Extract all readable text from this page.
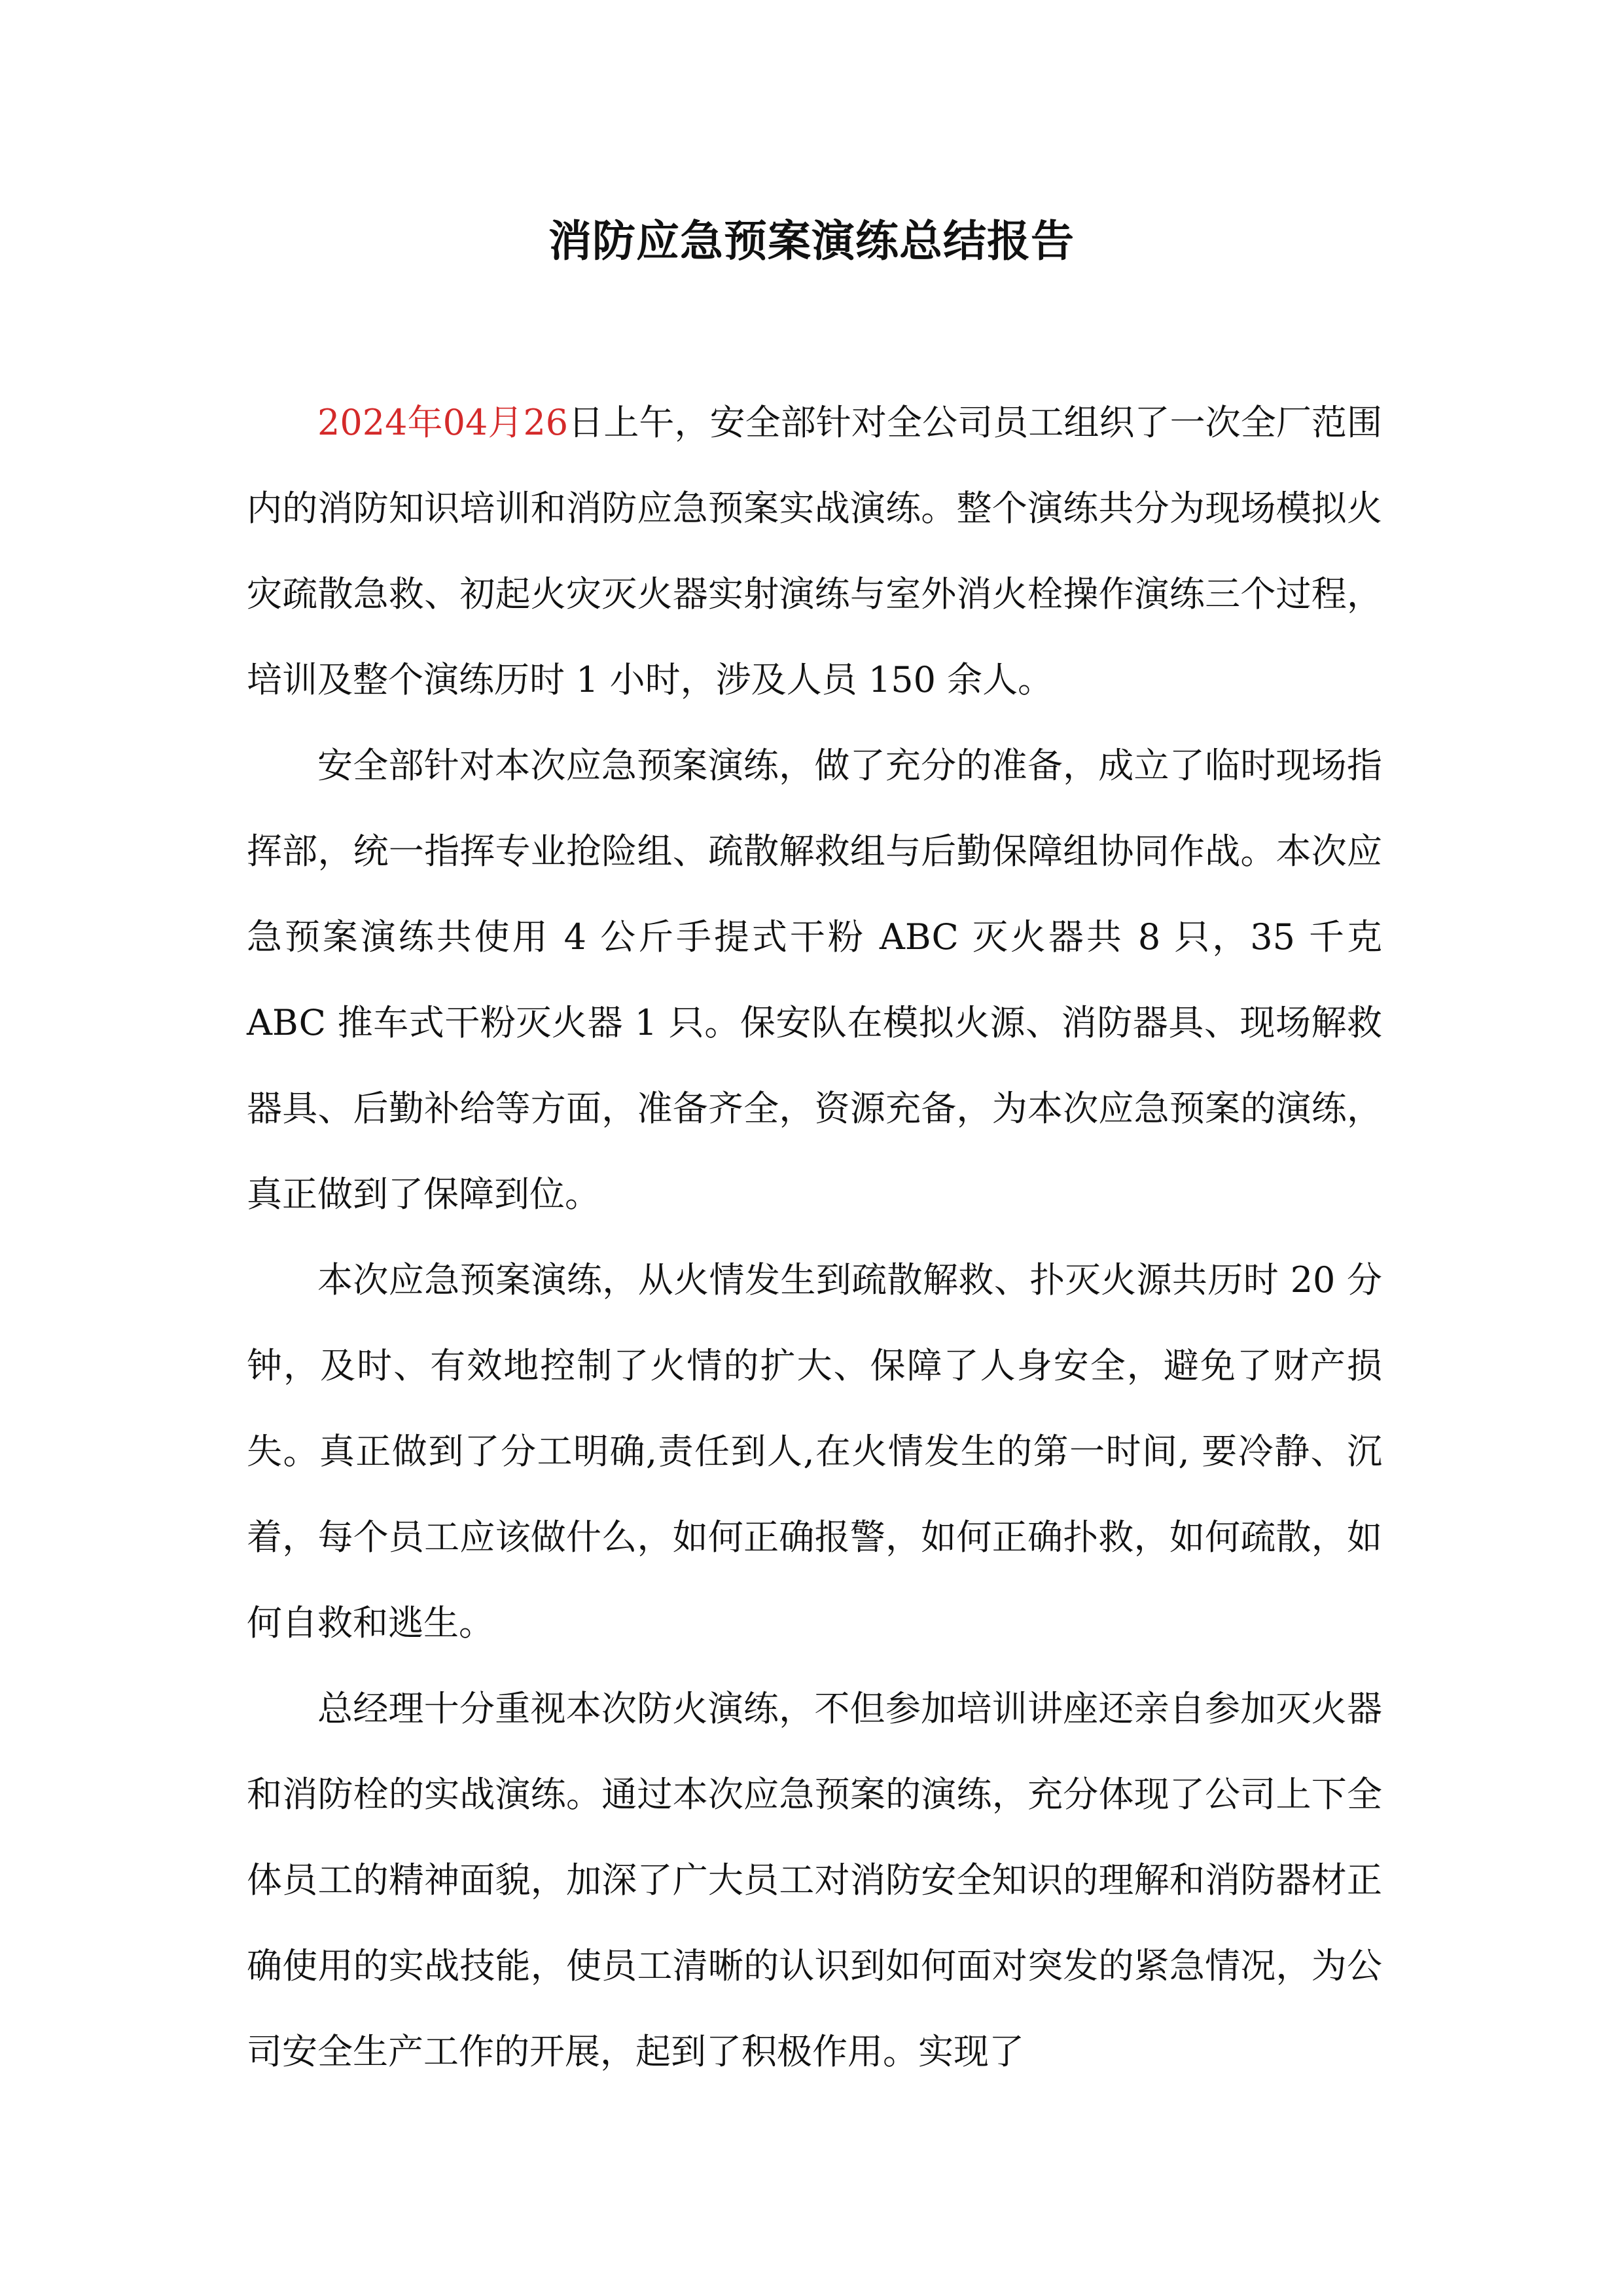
消防应急预案演练总结报告

2024年04月26日上午，安全部针对全公司员工组织了一次全厂范围内的消防知识培训和消防应急预案实战演练。整个演练共分为现场模拟火灾疏散急救、初起火灾灭火器实射演练与室外消火栓操作演练三个过程，培训及整个演练历时 1 小时，涉及人员 150 余人。

安全部针对本次应急预案演练，做了充分的准备，成立了临时现场指挥部，统一指挥专业抢险组、疏散解救组与后勤保障组协同作战。本次应急预案演练共使用 4 公斤手提式干粉 ABC 灭火器共 8 只，35 千克 ABC 推车式干粉灭火器 1 只。保安队在模拟火源、消防器具、现场解救器具、后勤补给等方面，准备齐全，资源充备，为本次应急预案的演练，真正做到了保障到位。

本次应急预案演练，从火情发生到疏散解救、扑灭火源共历时 20 分钟，及时、有效地控制了火情的扩大、保障了人身安全，避免了财产损失。真正做到了分工明确,责任到人,在火情发生的第一时间, 要冷静、沉着，每个员工应该做什么，如何正确报警，如何正确扑救，如何疏散，如何自救和逃生。

总经理十分重视本次防火演练，不但参加培训讲座还亲自参加灭火器和消防栓的实战演练。通过本次应急预案的演练，充分体现了公司上下全体员工的精神面貌，加深了广大员工对消防安全知识的理解和消防器材正确使用的实战技能，使员工清晰的认识到如何面对突发的紧急情况，为公司安全生产工作的开展，起到了积极作用。实现了
